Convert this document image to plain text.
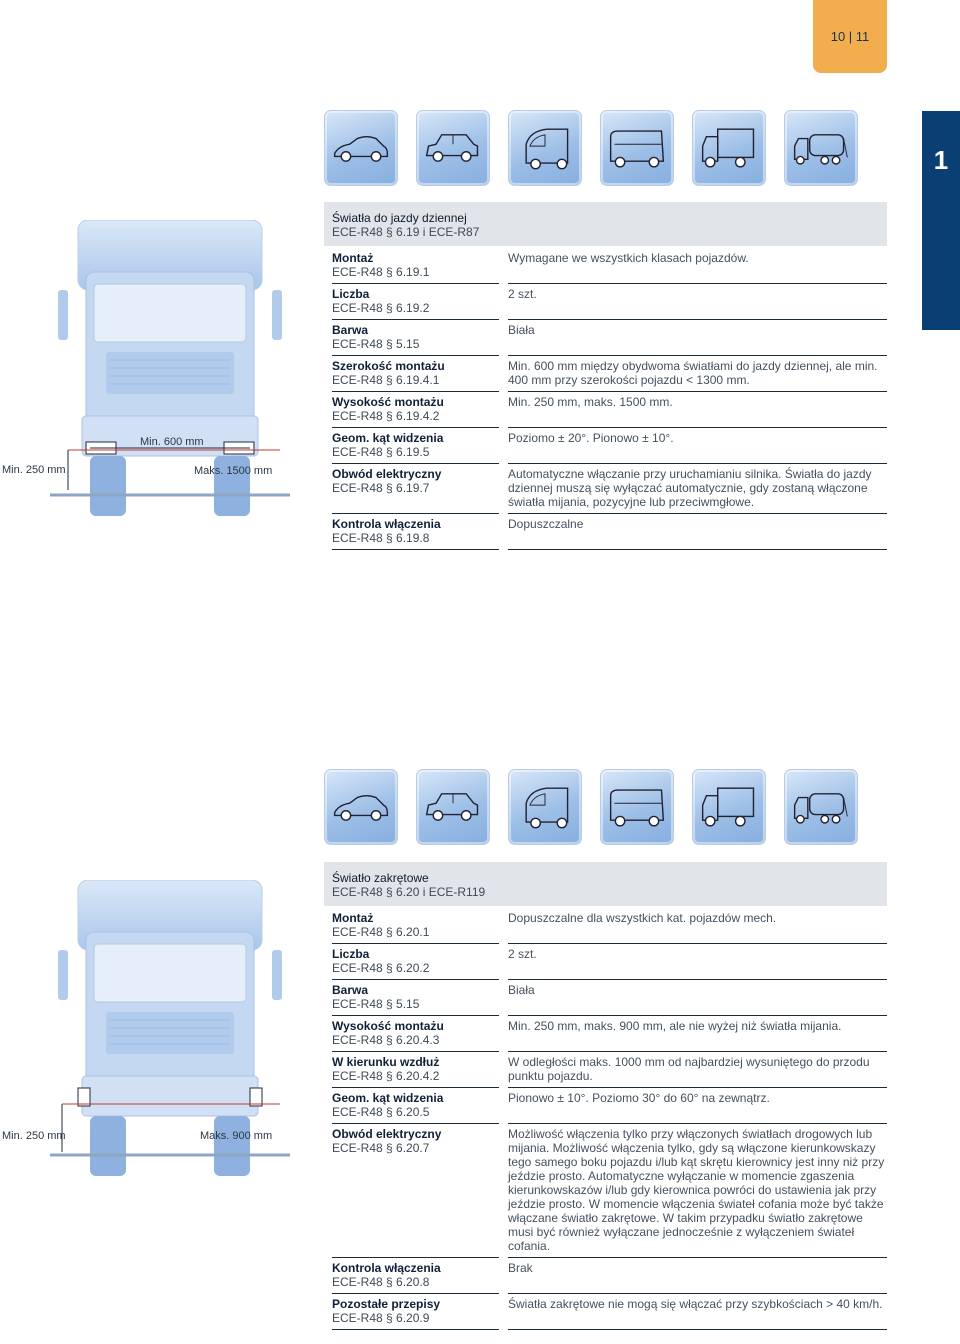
10 | 11
1
Min. 250 mm
Min. 600 mm
Maks. 1500 mm
Min. 250 mm	Maks. 900 mm
Światła do jazdy dziennej
ECE-R48 § 6.19 i ECE-R87
Montaż
ECE-R48 § 6.19.1
Wymagane we wszystkich klasach pojazdów.
Liczba
ECE-R48 § 6.19.2
2 szt.
Barwa
ECE-R48 § 5.15
Biała
Szerokość montażu
ECE-R48 § 6.19.4.1
Min. 600 mm między obydwoma światłami do jazdy dziennej, ale min. 400 mm przy szerokości pojazdu < 1300 mm.
Wysokość montażu
ECE-R48 § 6.19.4.2
Min. 250 mm, maks. 1500 mm.
Geom. kąt widzenia
ECE-R48 § 6.19.5
Poziomo ± 20°. Pionowo ± 10°.
Obwód elektryczny
ECE-R48 § 6.19.7
Automatyczne włączanie przy uruchamianiu silnika. Światła do jazdy dziennej muszą się wyłączać automatycznie, gdy zostaną włączone światła mijania, pozycyjne lub przeciwmgłowe.
Kontrola włączenia
ECE-R48 § 6.19.8
Dopuszczalne
Światło zakrętowe
ECE-R48 § 6.20 i ECE-R119
Montaż
ECE-R48 § 6.20.1
Dopuszczalne dla wszystkich kat. pojazdów mech.
Liczba
ECE-R48 § 6.20.2
2 szt.
Barwa
ECE-R48 § 5.15
Biała
Wysokość montażu
ECE-R48 § 6.20.4.3
Min. 250 mm, maks. 900 mm, ale nie wyżej niż światła mijania.
W kierunku wzdłuż
ECE-R48 § 6.20.4.2
W odległości maks. 1000 mm od najbardziej wysuniętego do przodu punktu pojazdu.
Geom. kąt widzenia
ECE-R48 § 6.20.5
Pionowo ± 10°. Poziomo 30° do 60° na zewnątrz.
Obwód elektryczny
ECE-R48 § 6.20.7
Możliwość włączenia tylko przy włączonych światłach drogowych lub mijania. Możliwość włączenia tylko, gdy są włączone kierunkowskazy tego samego boku pojazdu i/lub kąt skrętu kierownicy jest inny niż przy jeździe prosto. Automatyczne wyłączanie w momencie zgaszenia kierunkowskazów i/lub gdy kierownica powróci do ustawienia jak przy jeździe prosto. W momencie włączenia świateł cofania może być także włączane światło zakrętowe. W takim przypadku światło zakrętowe musi być również wyłączane jednocześnie z wyłączeniem świateł cofania.
Kontrola włączenia
ECE-R48 § 6.20.8
Brak
Pozostałe przepisy
ECE-R48 § 6.20.9
Światła zakrętowe nie mogą się włączać przy szybkościach > 40 km/h.
